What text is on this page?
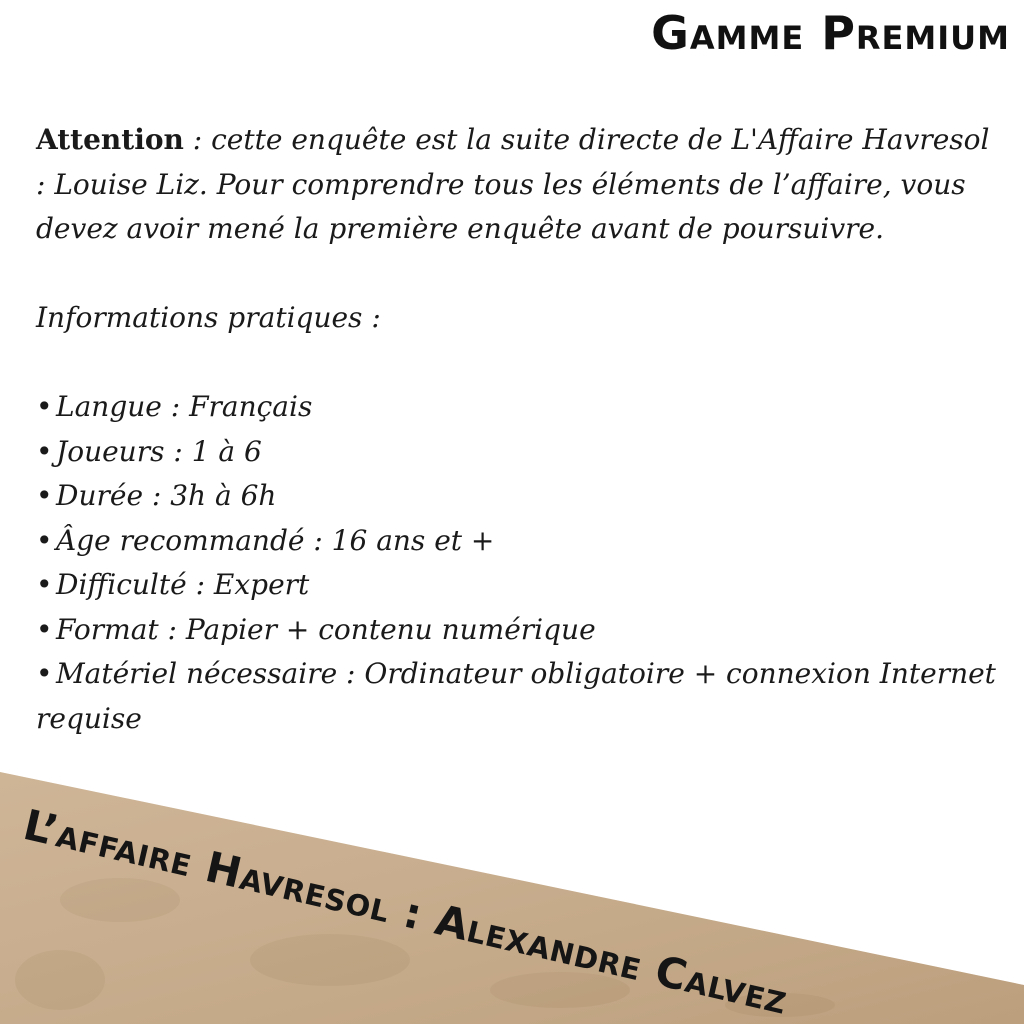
Gamme Premium

Attention : cette enquête est la suite directe de L'Affaire Havresol : Louise Liz. Pour comprendre tous les éléments de l’affaire, vous devez avoir mené la première enquête avant de poursuivre.

Informations pratiques :

• Langue : Français
• Joueurs : 1 à 6
• Durée : 3h à 6h
• Âge recommandé : 16 ans et +
• Difficulté : Expert
• Format : Papier + contenu numérique
• Matériel nécessaire : Ordinateur obligatoire + connexion Internet requise
L’affaire Havresol : Alexandre Calvez
